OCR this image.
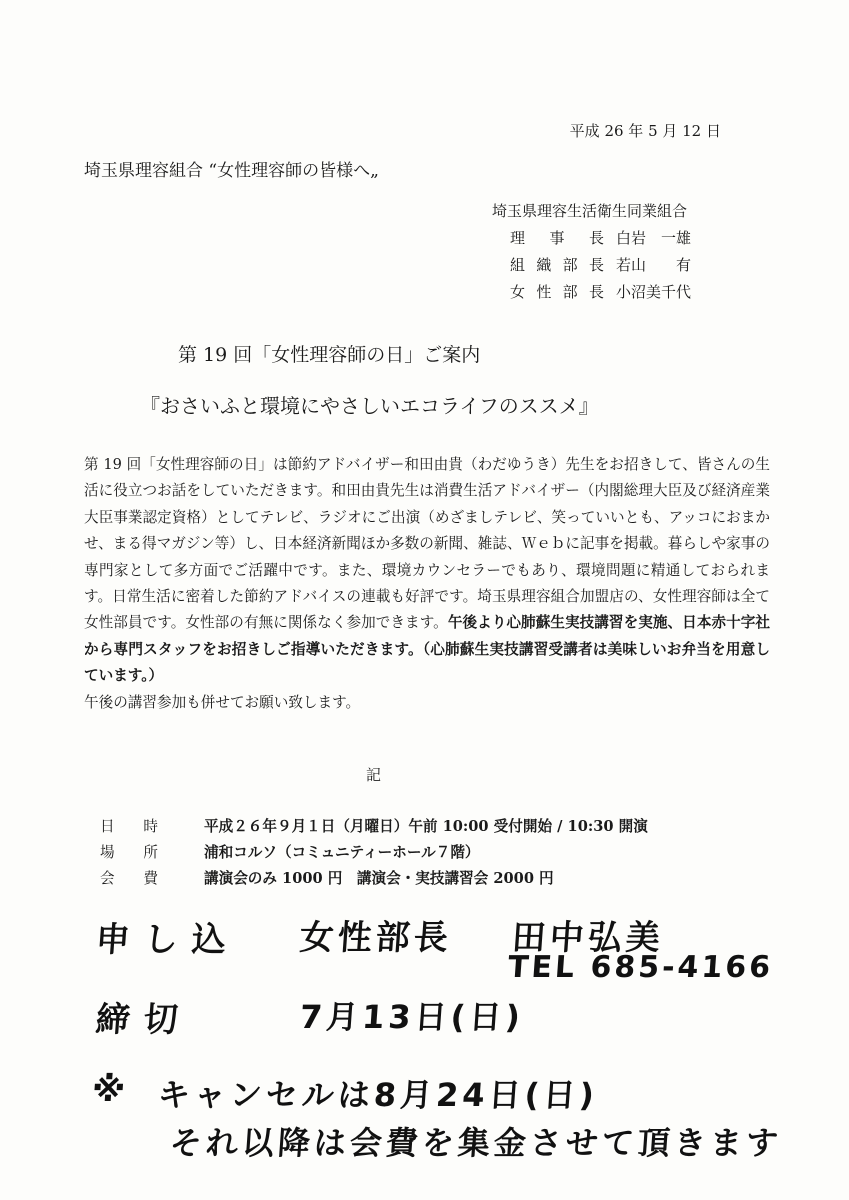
平成 26 年 5 月 12 日
埼玉県理容組合 “女性理容師の皆様へ„
埼玉県理容生活衛生同業組合
理事長 白岩　一雄
組織部長 若山　　有
女性部長 小沼美千代
第 19 回「女性理容師の日」ご案内
『おさいふと環境にやさしいエコライフのススメ』
第 19 回「女性理容師の日」は節約アドバイザー和田由貴（わだゆうき）先生をお招きして、皆さんの生活に役立つお話をしていただきます。和田由貴先生は消費生活アドバイザー（内閣総理大臣及び経済産業大臣事業認定資格）としてテレビ、ラジオにご出演（めざましテレビ、笑っていいとも、アッコにおまかせ、まる得マガジン等）し、日本経済新聞ほか多数の新聞、雑誌、Ｗｅｂに記事を掲載。暮らしや家事の専門家として多方面でご活躍中です。また、環境カウンセラーでもあり、環境問題に精通しておられます。日常生活に密着した節約アドバイスの連載も好評です。埼玉県理容組合加盟店の、女性理容師は全て女性部員です。女性部の有無に関係なく参加できます。午後より心肺蘇生実技講習を実施、日本赤十字社から専門スタッフをお招きしご指導いただきます。（心肺蘇生実技講習受講者は美味しいお弁当を用意しています。）
午後の講習参加も併せてお願い致します。
記
日時	平成２６年９月１日（月曜日）午前 10:00 受付開始 / 10:30 開演
場所	浦和コルソ（コミュニティーホール７階）
会費	講演会のみ 1000 円　講演会・実技講習会 2000 円
申し込 女性部長 田中弘美
TEL 685-4166
締切	7月13日(日)
※ キャンセルは8月24日(日)
それ以降は会費を集金させて頂きます
